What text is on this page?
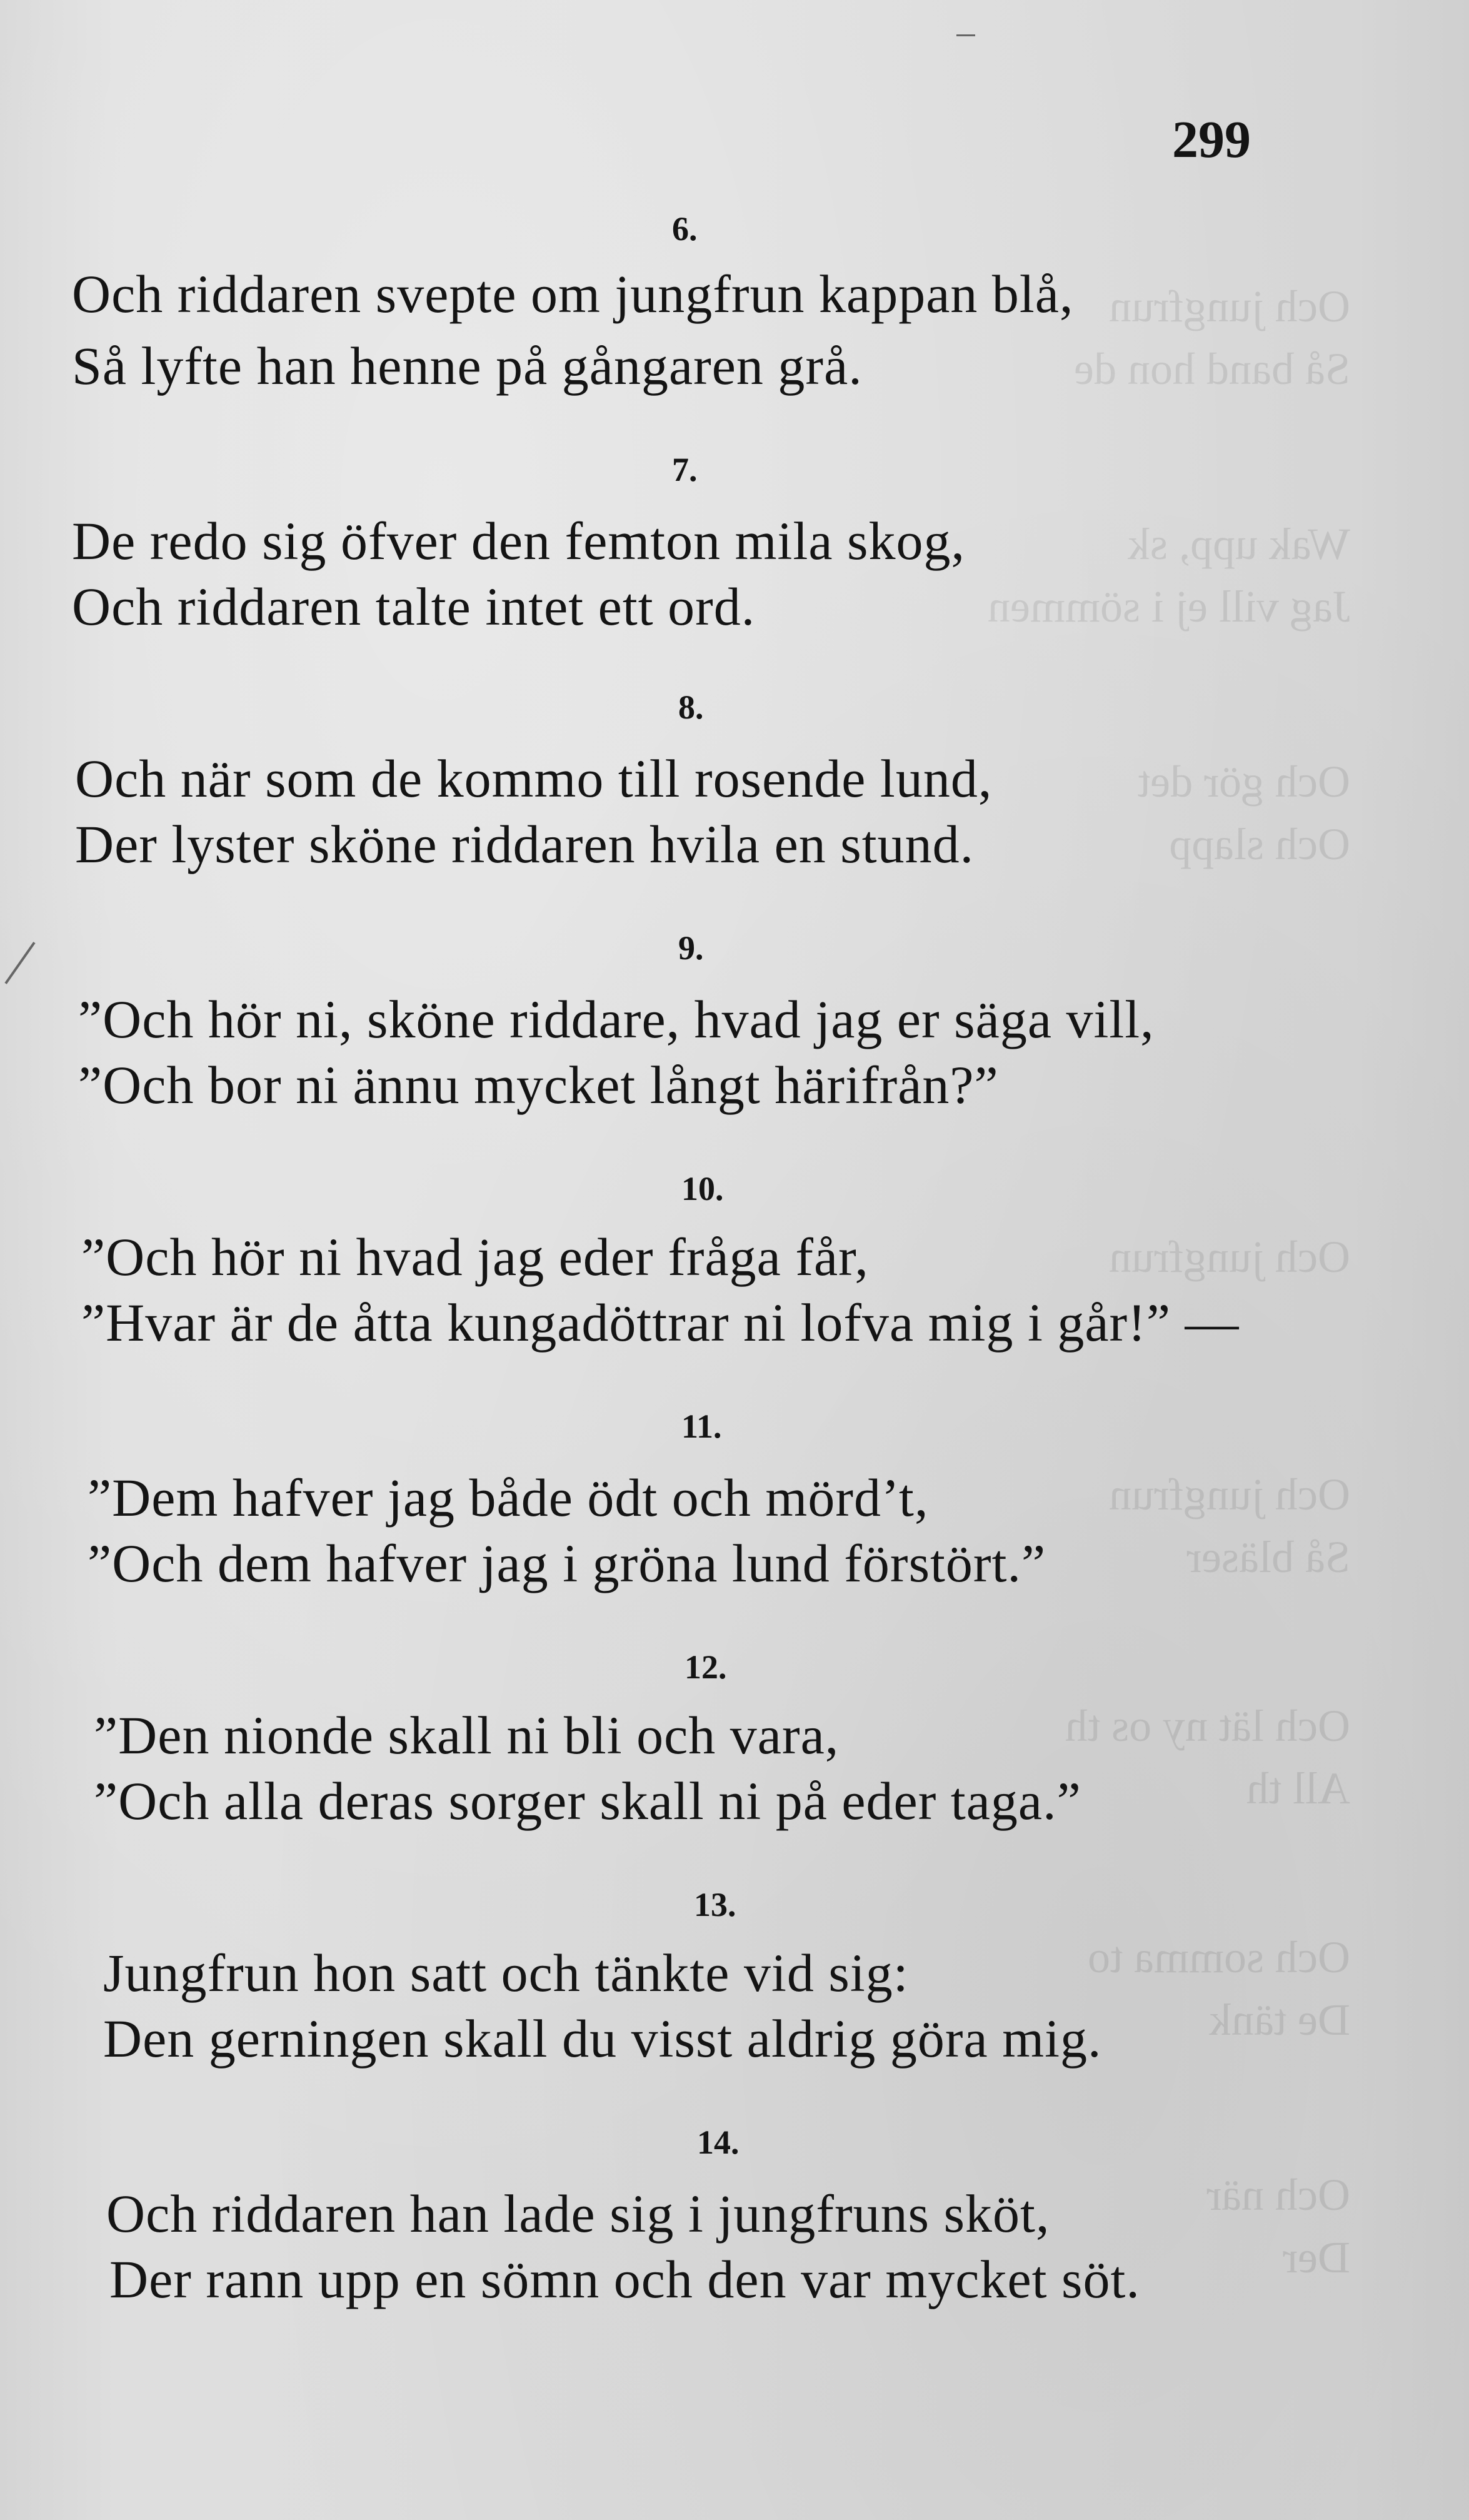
Och jungfrun
Så band hon de
Wak upp, sk
Jag vill ej i sömmen
Och gör det
Och slapp
Och jungfrun
Och jungfrun
Så bläser
Och lät ny os th
All th
Och somma to
De tänk
Och när
Der
299
6.
Och riddaren svepte om jungfrun kappan blå,
Så lyfte han henne på gångaren grå.
7.
De redo sig öfver den femton mila skog,
Och riddaren talte intet ett ord.
8.
Och när som de kommo till rosende lund,
Der lyster sköne riddaren hvila en stund.
9.
”Och hör ni, sköne riddare, hvad jag er säga vill,
”Och bor ni ännu mycket långt härifrån?”
10.
”Och hör ni hvad jag eder fråga får,
”Hvar är de åtta kungadöttrar ni lofva mig i går!” —
11.
”Dem hafver jag både ödt och mörd’t,
”Och dem hafver jag i gröna lund förstört.”
12.
”Den nionde skall ni bli och vara,
”Och alla deras sorger skall ni på eder taga.”
13.
Jungfrun hon satt och tänkte vid sig:
Den gerningen skall du visst aldrig göra mig.
14.
Och riddaren han lade sig i jungfruns sköt,
Der rann upp en sömn och den var mycket söt.
